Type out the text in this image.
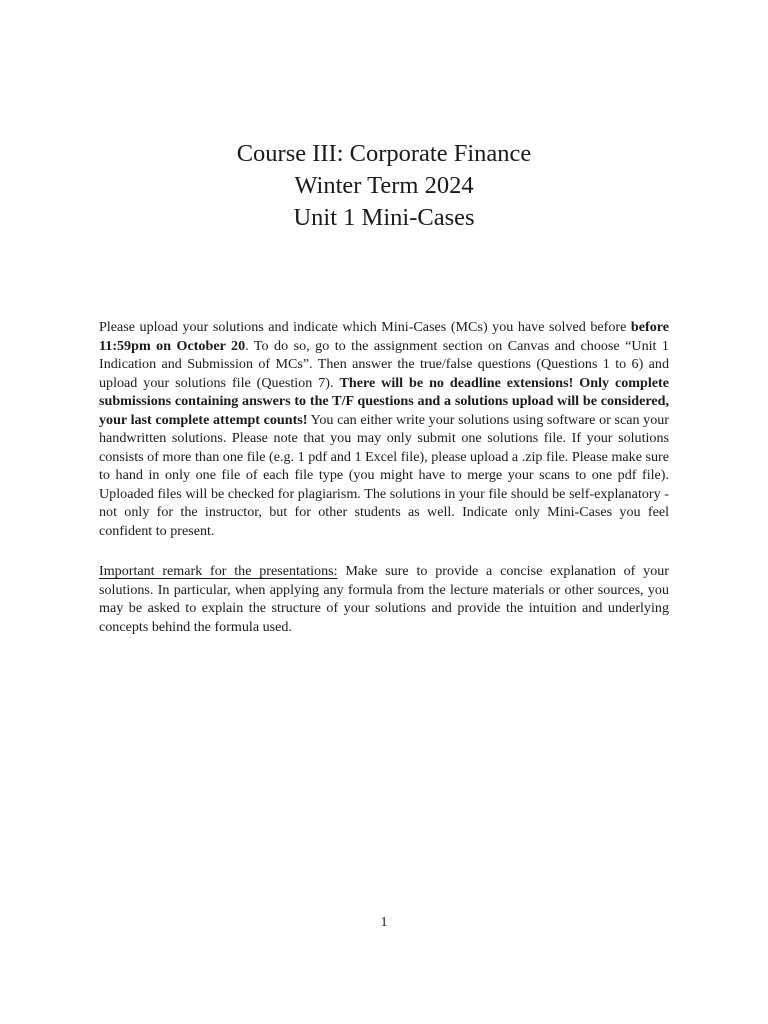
Course III: Corporate Finance
Winter Term 2024
Unit 1 Mini-Cases

Please upload your solutions and indicate which Mini-Cases (MCs) you have solved before before 11:59pm on October 20. To do so, go to the assignment section on Canvas and choose “Unit 1 Indication and Submission of MCs”. Then answer the true/false questions (Questions 1 to 6) and upload your solutions file (Question 7). There will be no deadline extensions! Only complete submissions containing answers to the T/F questions and a solutions upload will be considered, your last complete attempt counts! You can either write your solutions using software or scan your handwritten solutions. Please note that you may only submit one solutions file. If your solutions consists of more than one file (e.g. 1 pdf and 1 Excel file), please upload a .zip file. Please make sure to hand in only one file of each file type (you might have to merge your scans to one pdf file). Uploaded files will be checked for plagiarism. The solutions in your file should be self-explanatory - not only for the instructor, but for other students as well. Indicate only Mini-Cases you feel confident to present.

Important remark for the presentations: Make sure to provide a concise explanation of your solutions. In particular, when applying any formula from the lecture materials or other sources, you may be asked to explain the structure of your solutions and provide the intuition and underlying concepts behind the formula used.

1
